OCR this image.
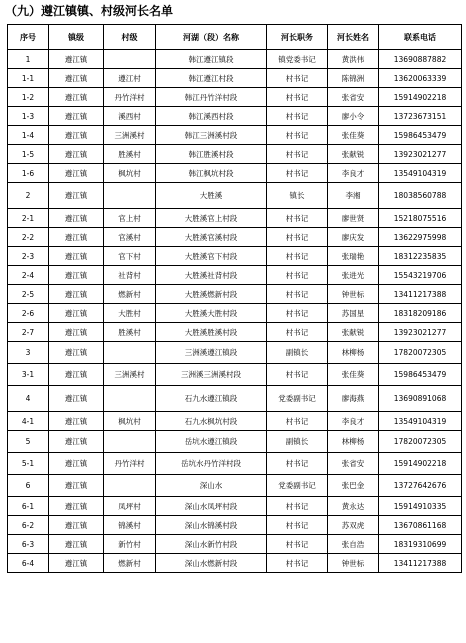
（九）遵江镇镇、村级河长名单
序号	镇级	村级	河湖（段）名称	河长职务	河长姓名	联系电话
1	遵江镇		韩江遵江镇段	镇党委书记	黄洪伟	13690887882
1-1	遵江镇	遵江村	韩江遵江村段	村书记	陈锦洲	13620063339
1-2	遵江镇	丹竹洋村	韩江丹竹洋村段	村书记	张省安	15914902218
1-3	遵江镇	溪西村	韩江溪西村段	村书记	廖小令	13723673151
1-4	遵江镇	三洲溪村	韩江三洲溪村段	村书记	张佳葵	15986453479
1-5	遵江镇	胜溪村	韩江胜溪村段	村书记	张献锐	13923021277
1-6	遵江镇	枫坑村	韩江枫坑村段	村书记	李良才	13549104319
2	遵江镇		大胜溪	镇长	李湘	18038560788
2-1	遵江镇	官上村	大胜溪官上村段	村书记	廖世贤	15218075516
2-2	遵江镇	官溪村	大胜溪官溪村段	村书记	廖庆发	13622975998
2-3	遵江镇	官下村	大胜溪官下村段	村书记	张瑞艳	18312235835
2-4	遵江镇	社背村	大胜溪社背村段	村书记	张进光	15543219706
2-5	遵江镇	燃新村	大胜溪燃新村段	村书记	钟世标	13411217388
2-6	遵江镇	大胜村	大胜溪大胜村段	村书记	苏国星	18318209186
2-7	遵江镇	胜溪村	大胜溪胜溪村段	村书记	张献锐	13923021277
3	遵江镇		三洲溪遵江镇段	副镇长	林柳杨	17820072305
3-1	遵江镇	三洲溪村	三洲溪三洲溪村段	村书记	张佳葵	15986453479
4	遵江镇		石九水遵江镇段	党委副书记	廖海燕	13690891068
4-1	遵江镇	枫坑村	石九水枫坑村段	村书记	李良才	13549104319
5	遵江镇		岳坑水遵江镇段	副镇长	林柳杨	17820072305
5-1	遵江镇	丹竹洋村	岳坑水丹竹洋村段	村书记	张省安	15914902218
6	遵江镇		深山水	党委副书记	张巴金	13727642676
6-1	遵江镇	凤坪村	深山水凤坪村段	村书记	黄永达	15914910335
6-2	遵江镇	锦溪村	深山水锦溪村段	村书记	苏双虎	13670861168
6-3	遵江镇	新竹村	深山水新竹村段	村书记	张自浩	18319310699
6-4	遵江镇	燃新村	深山水燃新村段	村书记	钟世标	13411217388
